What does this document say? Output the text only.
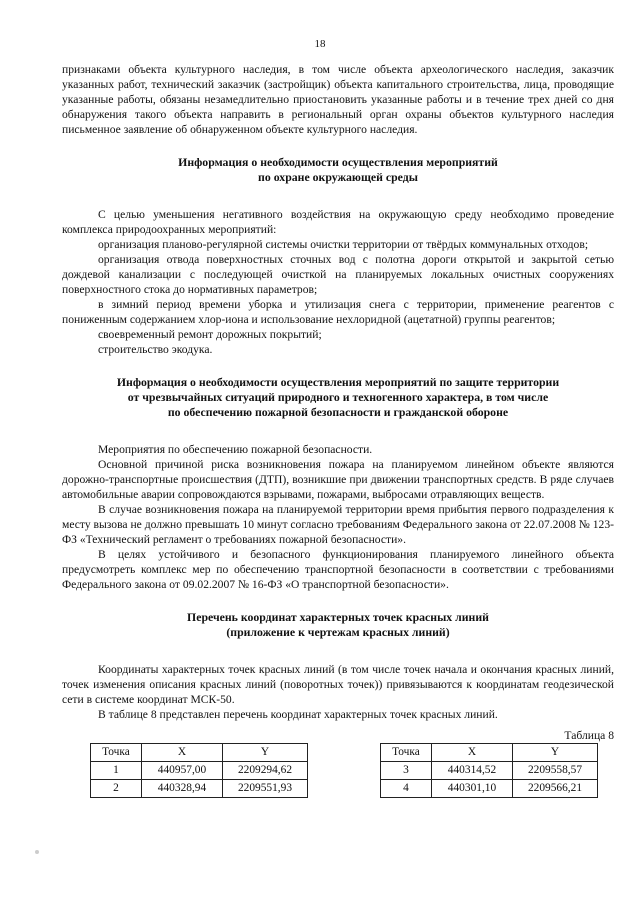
18

признаками объекта культурного наследия, в том числе объекта археологического наследия, заказчик указанных работ, технический заказчик (застройщик) объекта капитального строительства, лица, проводящие указанные работы, обязаны незамедлительно приостановить указанные работы и в течение трех дней со дня обнаружения такого объекта направить в региональный орган охраны объектов культурного наследия письменное заявление об обнаруженном объекте культурного наследия.

Информация о необходимости осуществления мероприятий
по охране окружающей среды

С целью уменьшения негативного воздействия на окружающую среду необходимо проведение комплекса природоохранных мероприятий:

организация планово-регулярной системы очистки территории от твёрдых коммунальных отходов;

организация отвода поверхностных сточных вод с полотна дороги открытой и закрытой сетью дождевой канализации с последующей очисткой на планируемых локальных очистных сооружениях поверхностного стока до нормативных параметров;

в зимний период времени уборка и утилизация снега с территории, применение реагентов с пониженным содержанием хлор-иона и использование нехлоридной (ацетатной) группы реагентов;

своевременный ремонт дорожных покрытий;

строительство экодука.

Информация о необходимости осуществления мероприятий по защите территории
от чрезвычайных ситуаций природного и техногенного характера, в том числе
по обеспечению пожарной безопасности и гражданской обороне

Мероприятия по обеспечению пожарной безопасности.

Основной причиной риска возникновения пожара на планируемом линейном объекте являются дорожно-транспортные происшествия (ДТП), возникшие при движении транспортных средств. В ряде случаев автомобильные аварии сопровождаются взрывами, пожарами, выбросами отравляющих веществ.

В случае возникновения пожара на планируемой территории время прибытия первого подразделения к месту вызова не должно превышать 10 минут согласно требованиям Федерального закона от 22.07.2008 № 123-ФЗ «Технический регламент о требованиях пожарной безопасности».

В целях устойчивого и безопасного функционирования планируемого линейного объекта предусмотреть комплекс мер по обеспечению транспортной безопасности в соответствии с требованиями Федерального закона от 09.02.2007 № 16-ФЗ «О транспортной безопасности».

Перечень координат характерных точек красных линий
(приложение к чертежам красных линий)

Координаты характерных точек красных линий (в том числе точек начала и окончания красных линий, точек изменения описания красных линий (поворотных точек)) привязываются к координатам геодезической сети в системе координат МСК-50.

В таблице 8 представлен перечень координат характерных точек красных линий.

Таблица 8
Точка	X	Y
1	440957,00	2209294,62
2	440328,94	2209551,93
Точка	X	Y
3	440314,52	2209558,57
4	440301,10	2209566,21
